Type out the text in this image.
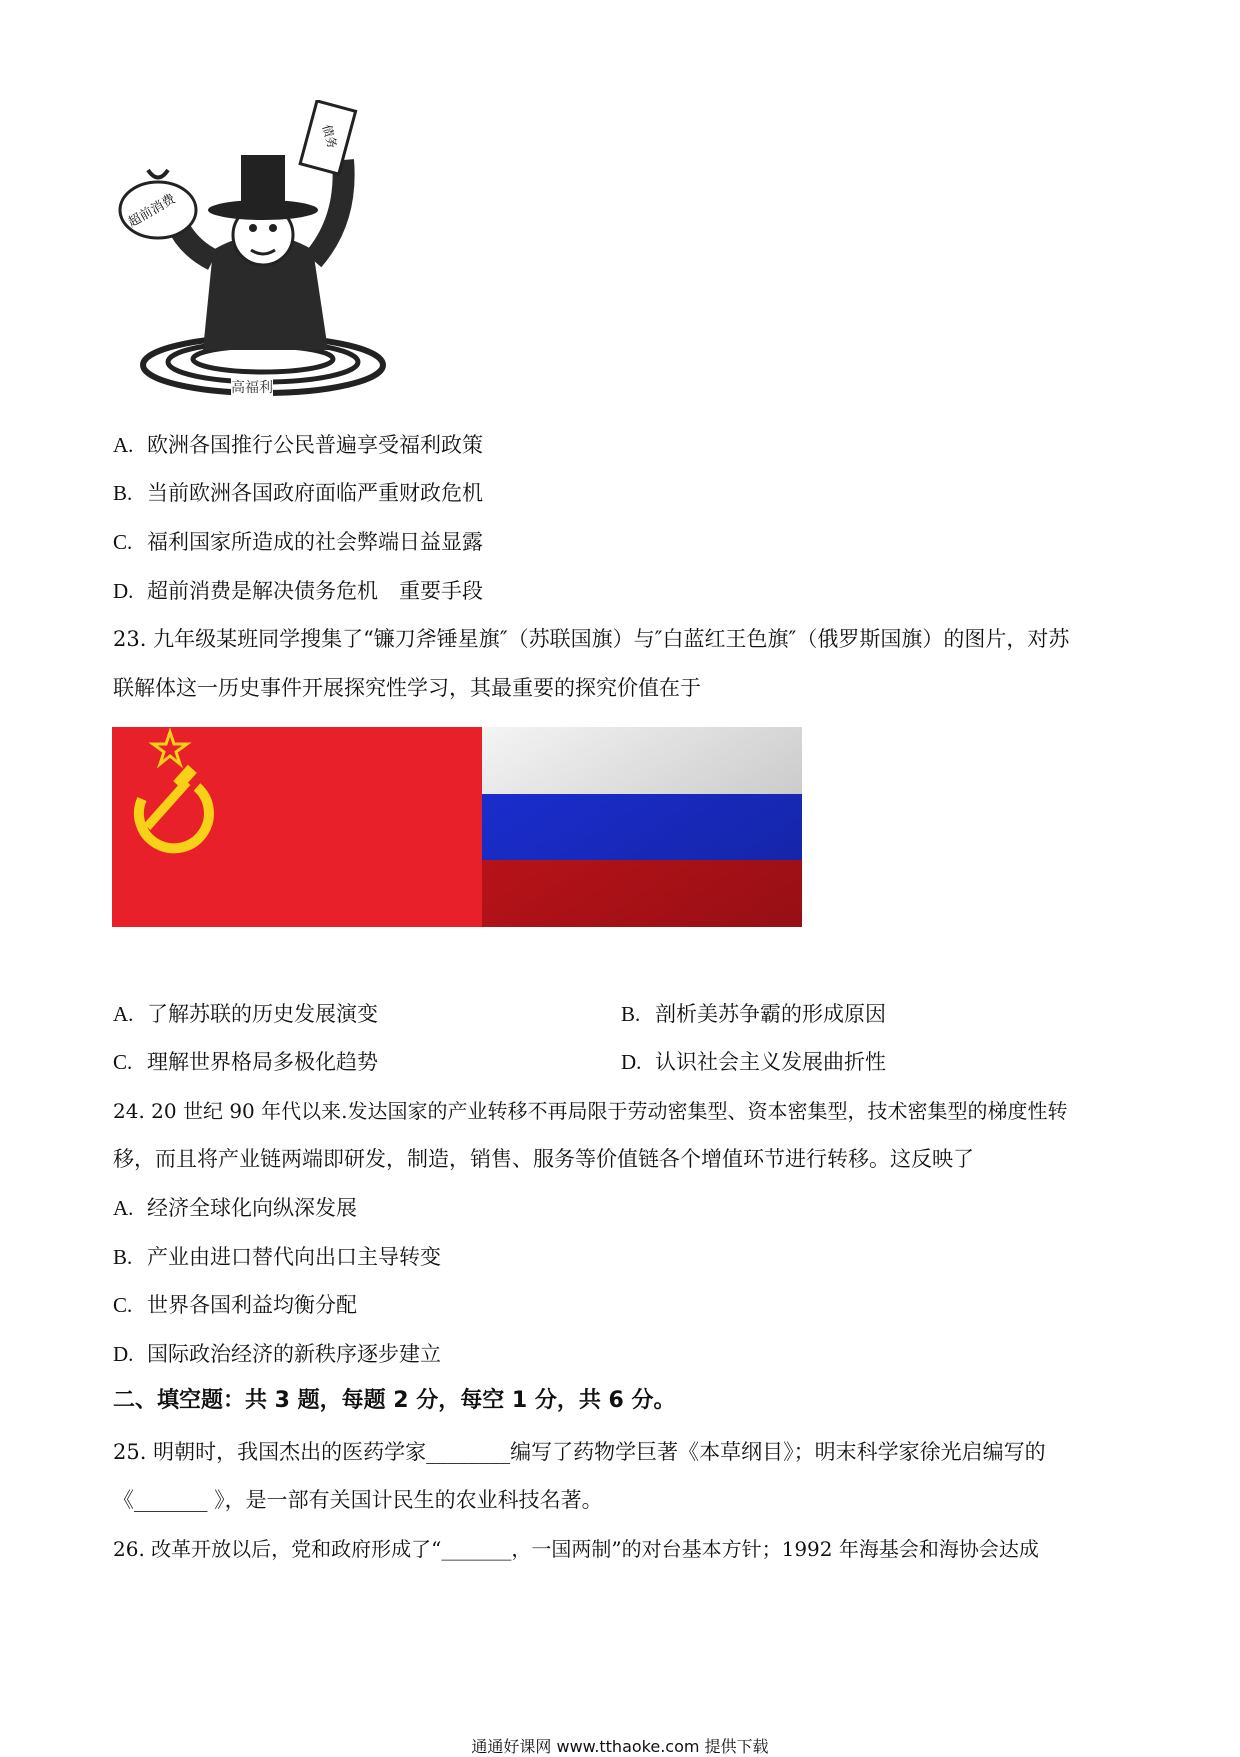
超前消费
债务
高福利
A. 欧洲各国推行公民普遍享受福利政策
B. 当前欧洲各国政府面临严重财政危机
C. 福利国家所造成的社会弊端日益显露
D. 超前消费是解决债务危机　重要手段
23. 九年级某班同学搜集了“镰刀斧锤星旗″（苏联国旗）与″白蓝红王色旗″（俄罗斯国旗）的图片，对苏
联解体这一历史事件开展探究性学习，其最重要的探究价值在于
A. 了解苏联的历史发展演变	B. 剖析美苏争霸的形成原因
C. 理解世界格局多极化趋势	D. 认识社会主义发展曲折性
24. 20 世纪 90 年代以来.发达国家的产业转移不再局限于劳动密集型、资本密集型，技术密集型的梯度性转
移，而且将产业链两端即研发，制造，销售、服务等价值链各个增值环节进行转移。这反映了
A. 经济全球化向纵深发展
B. 产业由进口替代向出口主导转变
C. 世界各国利益均衡分配
D. 国际政治经济的新秩序逐步建立
二、填空题：共 3 题，每题 2 分，每空 1 分，共 6 分。
25. 明朝时，我国杰出的医药学家________编写了药物学巨著《本草纲目》；明末科学家徐光启编写的
《_______ 》，是一部有关国计民生的农业科技名著。
26. 改革开放以后，党和政府形成了“_______，一国两制”的对台基本方针；1992 年海基会和海协会达成
通通好课网 www.tthaoke.com 提供下载
